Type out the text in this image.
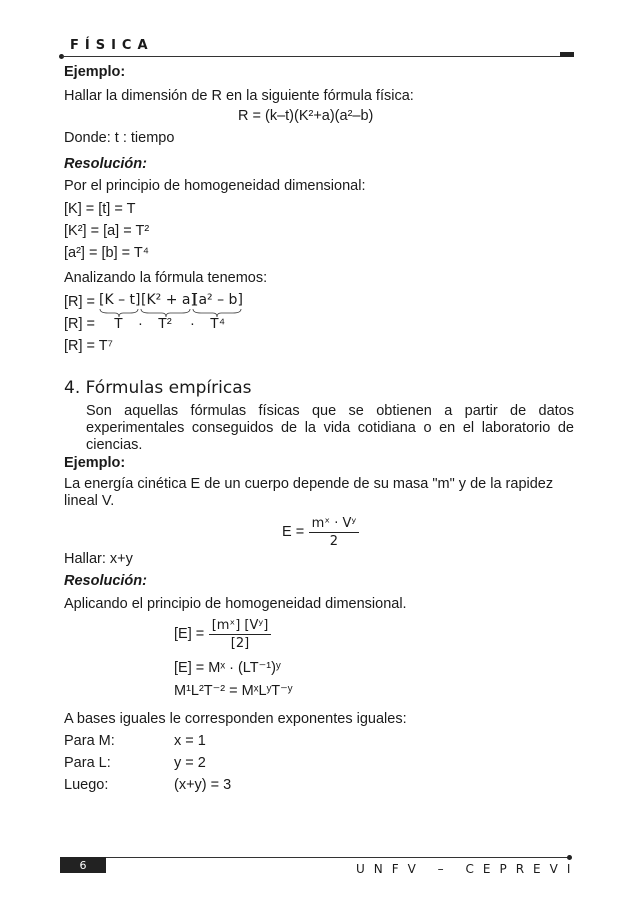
FÍSICA
Ejemplo:
Hallar la dimensión de R en la siguiente fórmula física:
R = (k–t)(K²+a)(a²–b)
Donde: t : tiempo
Resolución:
Por el principio de homogeneidad dimensional:
[K] = [t] = T
[K²] = [a] = T²
[a²] = [b] = T⁴
Analizando la fórmula tenemos:
[R] = [K – t] [K² + a]
[a² – b]
[R] = T · T² · T⁴
[R] = T⁷
4. Fórmulas empíricas
Son aquellas fórmulas físicas que se obtienen a partir de datos experimentales conseguidos de la vida cotidiana o en el laboratorio de ciencias.
Ejemplo:
La energía cinética E de un cuerpo depende de su masa "m" y de la rapidez lineal V.
$E = \frac{\text{mˣ · Vʸ}}{2}$
Hallar: x+y
Resolución:
Aplicando el principio de homogeneidad dimensional.
$[E] = \frac{\text{[mˣ] [Vʸ]}}{[2]}$
[E] = Mˣ · (LT⁻¹)ʸ
M¹L²T⁻² = MˣLʸT⁻ʸ
A bases iguales le corresponden exponentes iguales:
Para M:	x = 1
Para L:	y = 2
Luego:	(x+y) = 3
6	UNFV – CEPREVI
